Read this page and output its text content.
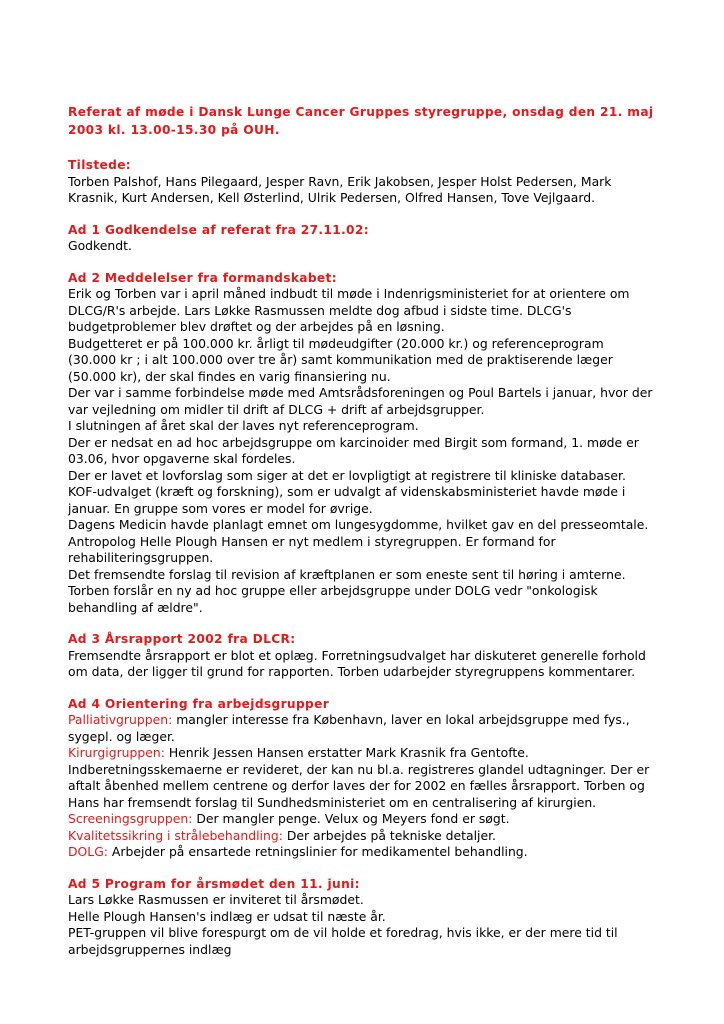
Referat af møde i Dansk Lunge Cancer Gruppes styregruppe, onsdag den 21. maj
2003 kl. 13.00-15.30 på OUH.
Tilstede:
Torben Palshof, Hans Pilegaard, Jesper Ravn, Erik Jakobsen, Jesper Holst Pedersen, Mark
Krasnik, Kurt Andersen, Kell Østerlind, Ulrik Pedersen, Olfred Hansen, Tove Vejlgaard.
Ad 1 Godkendelse af referat fra 27.11.02:
Godkendt.
Ad 2 Meddelelser fra formandskabet:
Erik og Torben var i april måned indbudt til møde i Indenrigsministeriet for at orientere om
DLCG/R's arbejde. Lars Løkke Rasmussen meldte dog afbud i sidste time. DLCG's
budgetproblemer blev drøftet og der arbejdes på en løsning.
Budgetteret er på 100.000 kr. årligt til mødeudgifter (20.000 kr.) og referenceprogram
(30.000 kr ; i alt 100.000 over tre år) samt kommunikation med de praktiserende læger
(50.000 kr), der skal findes en varig finansiering nu.
Der var i samme forbindelse møde med Amtsrådsforeningen og Poul Bartels i januar, hvor der
var vejledning om midler til drift af DLCG + drift af arbejdsgrupper.
I slutningen af året skal der laves nyt referenceprogram.
Der er nedsat en ad hoc arbejdsgruppe om karcinoider med Birgit som formand, 1. møde er
03.06, hvor opgaverne skal fordeles.
Der er lavet et lovforslag som siger at det er lovpligtigt at registrere til kliniske databaser.
KOF-udvalget (kræft og forskning), som er udvalgt af videnskabsministeriet havde møde i
januar. En gruppe som vores er model for øvrige.
Dagens Medicin havde planlagt emnet om lungesygdomme, hvilket gav en del presseomtale.
Antropolog Helle Plough Hansen er nyt medlem i styregruppen. Er formand for
rehabiliteringsgruppen.
Det fremsendte forslag til revision af kræftplanen er som eneste sent til høring i amterne.
Torben forslår en ny ad hoc gruppe eller arbejdsgruppe under DOLG vedr "onkologisk
behandling af ældre".
Ad 3 Årsrapport 2002 fra DLCR:
Fremsendte årsrapport er blot et oplæg. Forretningsudvalget har diskuteret generelle forhold
om data, der ligger til grund for rapporten. Torben udarbejder styregruppens kommentarer.
Ad 4 Orientering fra arbejdsgrupper
Palliativgruppen: mangler interesse fra København, laver en lokal arbejdsgruppe med fys.,
sygepl. og læger.
Kirurgigruppen: Henrik Jessen Hansen erstatter Mark Krasnik fra Gentofte.
Indberetningsskemaerne er revideret, der kan nu bl.a. registreres glandel udtagninger. Der er
aftalt åbenhed mellem centrene og derfor laves der for 2002 en fælles årsrapport. Torben og
Hans har fremsendt forslag til Sundhedsministeriet om en centralisering af kirurgien.
Screeningsgruppen: Der mangler penge. Velux og Meyers fond er søgt.
Kvalitetssikring i strålebehandling: Der arbejdes på tekniske detaljer.
DOLG: Arbejder på ensartede retningslinier for medikamentel behandling.
Ad 5 Program for årsmødet den 11. juni:
Lars Løkke Rasmussen er inviteret til årsmødet.
Helle Plough Hansen's indlæg er udsat til næste år.
PET-gruppen vil blive forespurgt om de vil holde et foredrag, hvis ikke, er der mere tid til
arbejdsgruppernes indlæg
